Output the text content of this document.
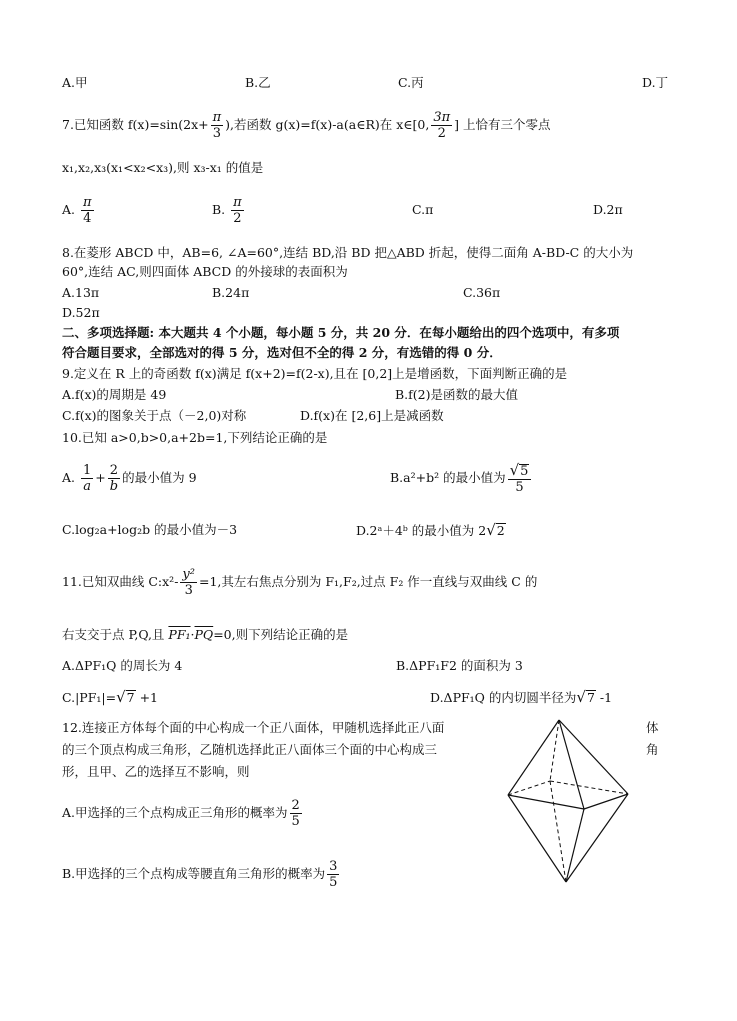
A.甲	B.乙	C.丙	D.丁
7.已知函数 $f(x)=\sin(2x+ \frac{\pi}{3}$ ),若函数 g(x)=f(x)-a(a∈R)在 x∈[0, $\frac{3\pi}{2}$ ] 上恰有三个零点
x₁,x₂,x₃(x₁<x₂<x₃),则 x₃-x₁ 的值是
A. $\frac{\pi}{4}$	B. $\frac{\pi}{2}$	C.π	D.2π
8.在菱形 ABCD 中，AB=6, ∠A=60°,连结 BD,沿 BD 把△ABD 折起，使得二面角 A-BD-C 的大小为
60°,连结 AC,则四面体 ABCD 的外接球的表面积为
A.13π	B.24π	C.36π
D.52π
二、多项选择题: 本大题共 4 个小题，每小题 5 分，共 20 分．在每小题给出的四个选项中，有多项
符合题目要求，全部选对的得 5 分，选对但不全的得 2 分，有选错的得 0 分．
9.定义在 R 上的奇函数 f(x)满足 f(x+2)=f(2-x),且在 [0,2]上是增函数，下面判断正确的是
A.f(x)的周期是 49	B.f(2)是函数的最大值
C.f(x)的图象关于点（－2,0)对称	D.f(x)在 [2,6]上是减函数
10.已知 a>0,b>0,a+2b=1,下列结论正确的是
A. $\frac{1}{a} + \frac{2}{b}$ 的最小值为 9	B.a²+b² 的最小值为 $\frac{√5}{5}$
C.log₂a+log₂b 的最小值为－3	D.2ᵃ＋4ᵇ 的最小值为 2√2
11.已知双曲线 C:x²- $\frac{\text{y²}}{3} =1$,其左右焦点分别为 F₁,F₂,过点 F₂ 作一直线与双曲线 C 的
右支交于点 P,Q,且 $PF_1\cdot\overline{PQ}=0$,则下列结论正确的是
A.ΔPF₁Q 的周长为 4	B.ΔPF₁F2 的面积为 3
C.|PF₁|=√7 +1	D.ΔPF₁Q 的内切圆半径为√7 -1
12.连接正方体每个面的中心构成一个正八面体，甲随机选择此正八面	体
的三个顶点构成三角形，乙随机选择此正八面体三个面的中心构成三	角
形，且甲、乙的选择互不影响，则
A.甲选择的三个点构成正三角形的概率为 $\frac{2}{5}$
B.甲选择的三个点构成等腰直角三角形的概率为 $\frac{3}{5}$
